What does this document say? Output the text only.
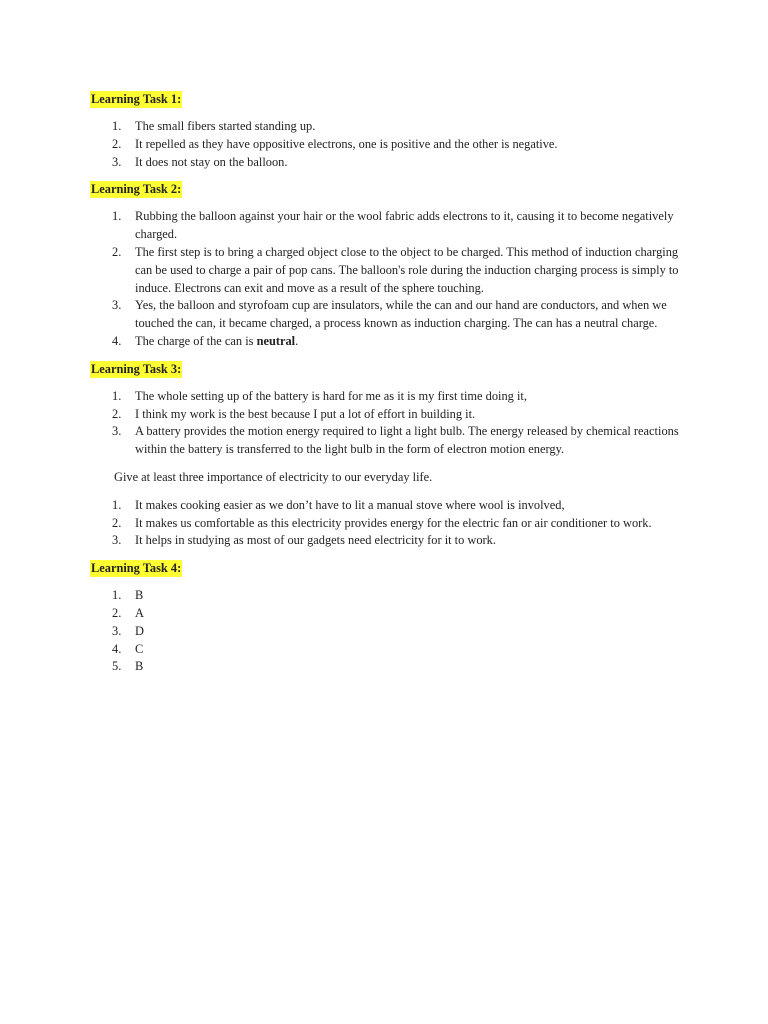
Learning Task 1:
1.	The small fibers started standing up.
2.	It repelled as they have oppositive electrons, one is positive and the other is negative.
3.	It does not stay on the balloon.
Learning Task 2:
1.	Rubbing the balloon against your hair or the wool fabric adds electrons to it, causing it to become negatively charged.
2.	The first step is to bring a charged object close to the object to be charged. This method of induction charging can be used to charge a pair of pop cans. The balloon's role during the induction charging process is simply to induce. Electrons can exit and move as a result of the sphere touching.
3.	Yes, the balloon and styrofoam cup are insulators, while the can and our hand are conductors, and when we touched the can, it became charged, a process known as induction charging. The can has a neutral charge.
4.	The charge of the can is neutral.
Learning Task 3:
1.	The whole setting up of the battery is hard for me as it is my first time doing it,
2.	I think my work is the best because I put a lot of effort in building it.
3.	A battery provides the motion energy required to light a light bulb. The energy released by chemical reactions within the battery is transferred to the light bulb in the form of electron motion energy.
Give at least three importance of electricity to our everyday life.
1.	It makes cooking easier as we don’t have to lit a manual stove where wool is involved,
2.	It makes us comfortable as this electricity provides energy for the electric fan or air conditioner to work.
3.	It helps in studying as most of our gadgets need electricity for it to work.
Learning Task 4:
1.	B
2.	A
3.	D
4.	C
5.	B
